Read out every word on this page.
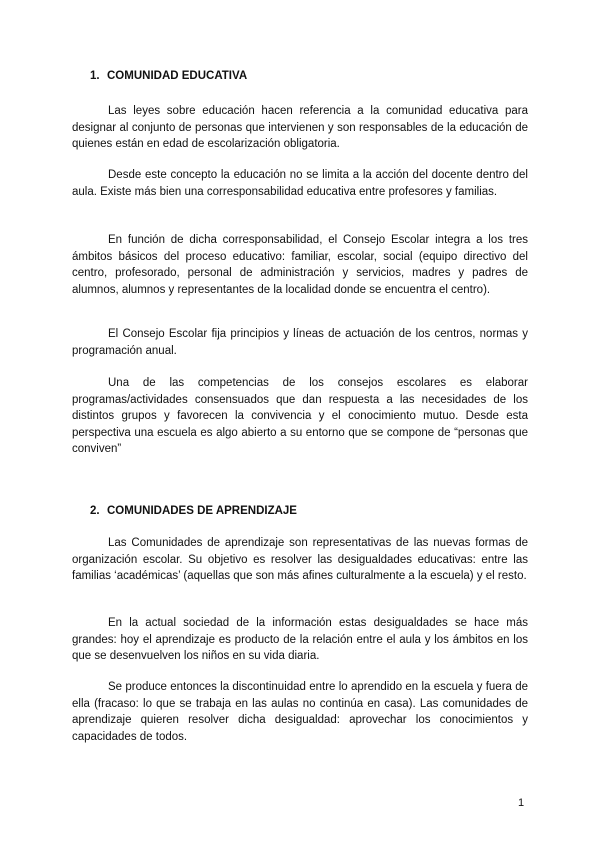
1. COMUNIDAD EDUCATIVA

Las leyes sobre educación hacen referencia a la comunidad educativa para designar al conjunto de personas que intervienen y son responsables de la educación de quienes están en edad de escolarización obligatoria.

Desde este concepto la educación no se limita a la acción del docente dentro del aula. Existe más bien una corresponsabilidad educativa entre profesores y familias.

En función de dicha corresponsabilidad, el Consejo Escolar integra a los tres ámbitos básicos del proceso educativo: familiar, escolar, social (equipo directivo del centro, profesorado, personal de administración y servicios, madres y padres de alumnos, alumnos y representantes de la localidad donde se encuentra el centro).

El Consejo Escolar fija principios y líneas de actuación de los centros, normas y programación anual.

Una de las competencias de los consejos escolares es elaborar programas/actividades consensuados que dan respuesta a las necesidades de los distintos grupos y favorecen la convivencia y el conocimiento mutuo. Desde esta perspectiva una escuela es algo abierto a su entorno que se compone de “personas que conviven”

2. COMUNIDADES DE APRENDIZAJE

Las Comunidades de aprendizaje son representativas de las nuevas formas de organización escolar. Su objetivo es resolver las desigualdades educativas: entre las familias ‘académicas’ (aquellas que son más afines culturalmente a la escuela) y el resto.

En la actual sociedad de la información estas desigualdades se hace más grandes: hoy el aprendizaje es producto de la relación entre el aula y los ámbitos en los que se desenvuelven los niños en su vida diaria.

Se produce entonces la discontinuidad entre lo aprendido en la escuela y fuera de ella (fracaso: lo que se trabaja en las aulas no continúa en casa). Las comunidades de aprendizaje quieren resolver dicha desigualdad: aprovechar los conocimientos y capacidades de todos.

1
